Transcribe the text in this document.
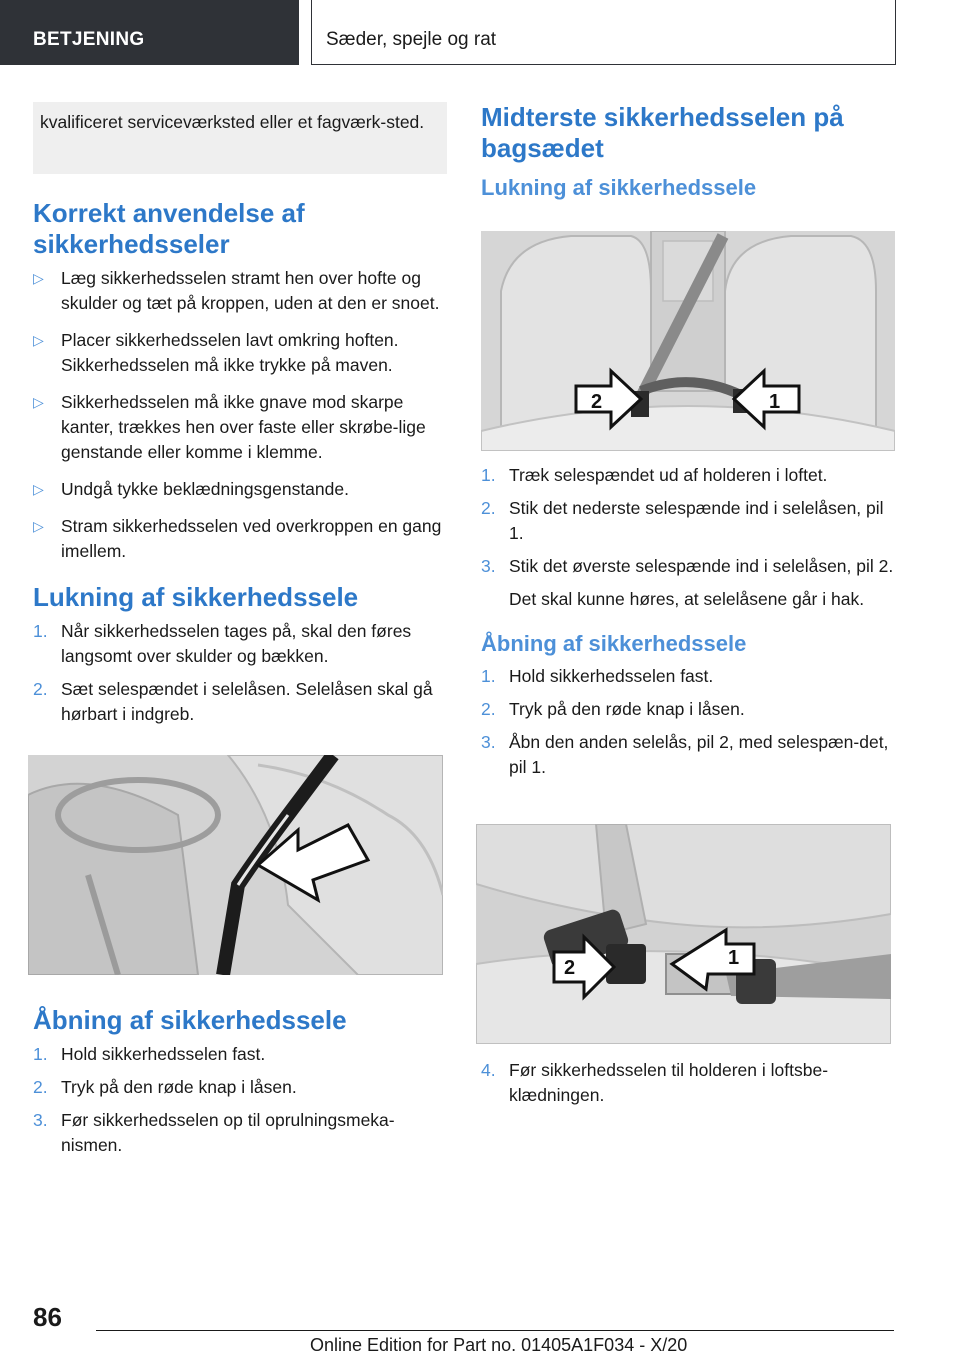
BETJENING	Sæder, spejle og rat
kvalificeret serviceværksted eller et fagværk-sted.
Korrekt anvendelse af sikkerhedsseler
▷ Læg sikkerhedsselen stramt hen over hofte og skulder og tæt på kroppen, uden at den er snoet.
▷ Placer sikkerhedsselen lavt omkring hoften. Sikkerhedsselen må ikke trykke på maven.
▷ Sikkerhedsselen må ikke gnave mod skarpe kanter, trækkes hen over faste eller skrøbe-lige genstande eller komme i klemme.
▷ Undgå tykke beklædningsgenstande.
▷ Stram sikkerhedsselen ved overkroppen en gang imellem.
Lukning af sikkerhedssele
1. Når sikkerhedsselen tages på, skal den føres langsomt over skulder og bækken.
2. Sæt selespændet i selelåsen. Selelåsen skal gå hørbart i indgreb.
Åbning af sikkerhedssele
1. Hold sikkerhedsselen fast.
2. Tryk på den røde knap i låsen.
3. Før sikkerhedsselen op til oprulningsmeka-nismen.
Midterste sikkerhedsselen på bagsædet
Lukning af sikkerhedssele
2	1
1. Træk selespændet ud af holderen i loftet.
2. Stik det nederste selespænde ind i selelåsen, pil 1.
3. Stik det øverste selespænde ind i selelåsen, pil 2.

Det skal kunne høres, at selelåsene går i hak.

Åbning af sikkerhedssele
1. Hold sikkerhedsselen fast.
2. Tryk på den røde knap i låsen.
3. Åbn den anden selelås, pil 2, med selespæn-det, pil 1.
2	1
4. Før sikkerhedsselen til holderen i loftsbe-klædningen.
86
Online Edition for Part no. 01405A1F034 - X/20
